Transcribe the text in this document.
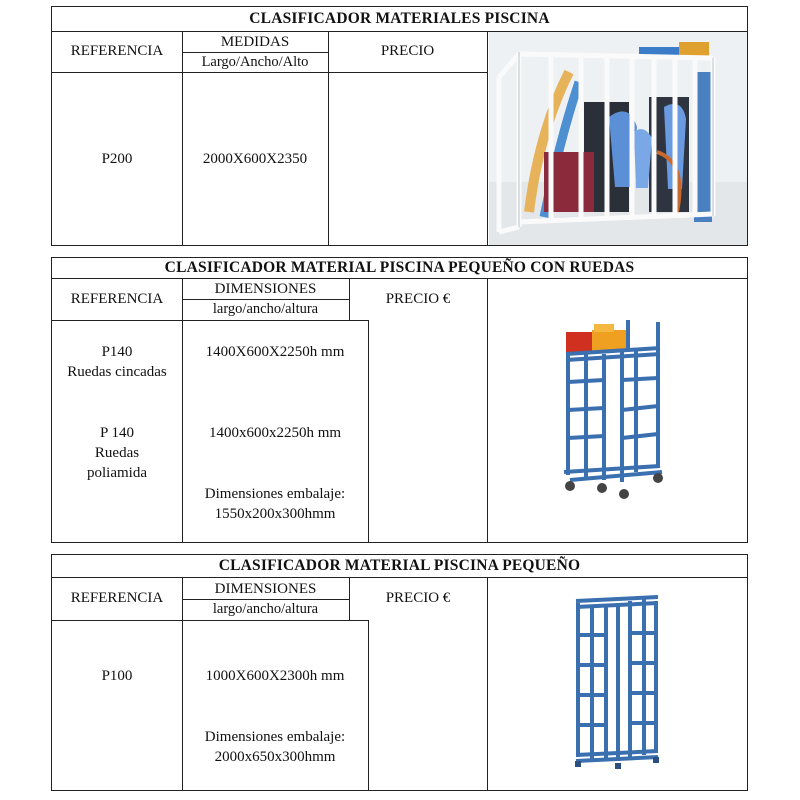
CLASIFICADOR MATERIALES PISCINA
REFERENCIA
MEDIDAS
Largo/Ancho/Alto
PRECIO
P200	2000X600X2350
CLASIFICADOR MATERIAL PISCINA PEQUEÑO CON RUEDAS
REFERENCIA
DIMENSIONES
largo/ancho/altura
PRECIO €
P140
Ruedas cincadas
P 140
Ruedas
poliamida
1400X600X2250h mm
1400x600x2250h mm
Dimensiones embalaje:
1550x200x300hmm
CLASIFICADOR MATERIAL PISCINA PEQUEÑO
REFERENCIA
DIMENSIONES
largo/ancho/altura
PRECIO €
P100	1000X600X2300h mm
Dimensiones embalaje:
2000x650x300hmm
